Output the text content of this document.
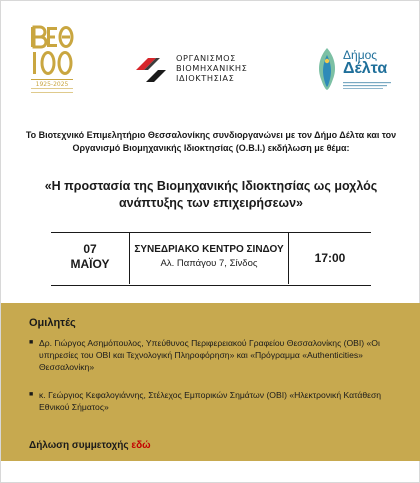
1925-2025
ΟΡΓΑΝΙΣΜΟΣ
ΒΙΟΜΗΧΑΝΙΚΗΣ
ΙΔΙΟΚΤΗΣΙΑΣ
Δήμος
Δέλτα
Το Βιοτεχνικό Επιμελητήριο Θεσσαλονίκης συνδιοργανώνει με τον Δήμο Δέλτα και τον Οργανισμό Βιομηχανικής Ιδιοκτησίας (Ο.Β.Ι.) εκδήλωση με θέμα:
«Η προστασία της Βιομηχανικής Ιδιοκτησίας ως μοχλός ανάπτυξης των επιχειρήσεων»
07
ΜΑΪΟΥ
ΣΥΝΕΔΡΙΑΚΟ ΚΕΝΤΡΟ ΣΙΝΔΟΥ
Αλ. Παπάγου 7, Σίνδος	17:00
Ομιλητές
■ Δρ. Γιώργος Ασημόπουλος, Υπεύθυνος Περιφερειακού Γραφείου Θεσσαλονίκης (ΟΒΙ) «Οι υπηρεσίες του ΟΒΙ και Τεχνολογική Πληροφόρηση» και «Πρόγραμμα «Authenticities» Θεσσαλονίκη»
■ κ. Γεώργιος Κεφαλογιάννης, Στέλεχος Εμπορικών Σημάτων (ΟΒΙ) «Ηλεκτρονική Κατάθεση Εθνικού Σήματος»
Δήλωση συμμετοχής εδώ
